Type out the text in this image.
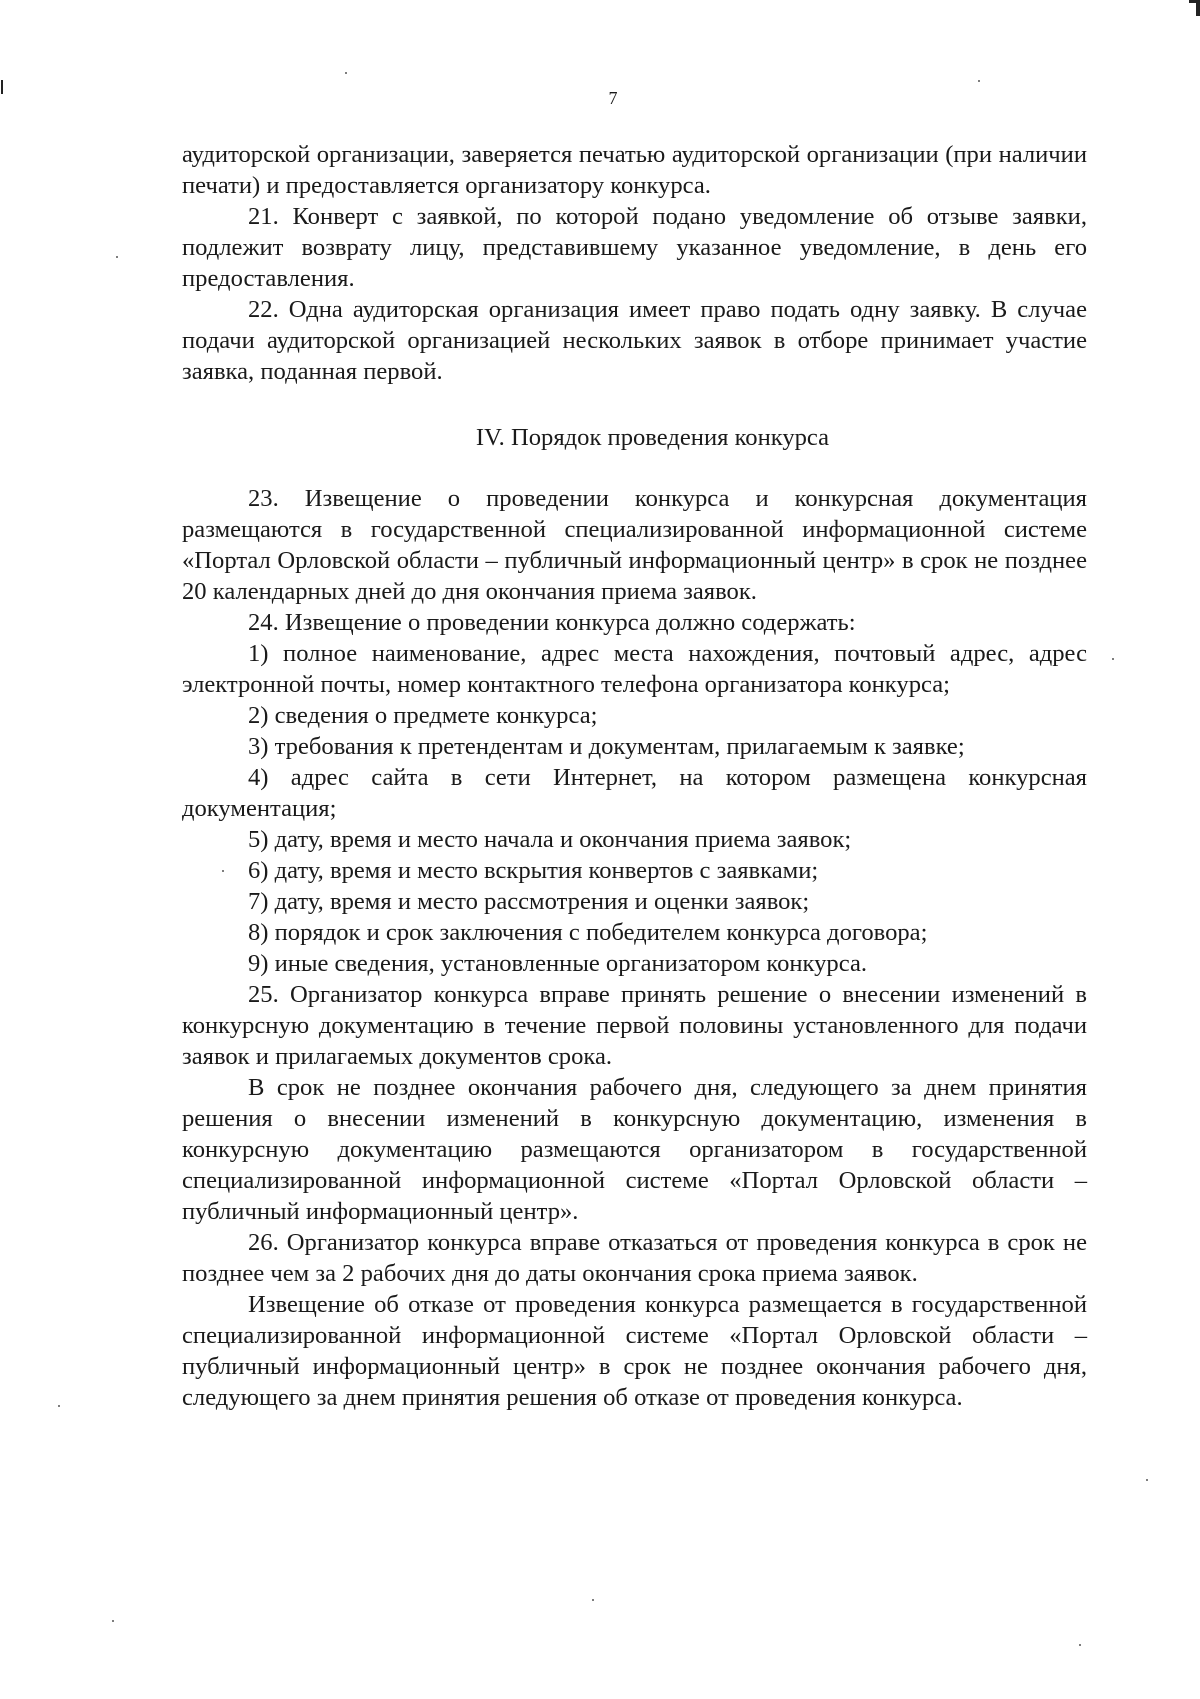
7

аудиторской организации, заверяется печатью аудиторской организации (при наличии печати) и предоставляется организатору конкурса.

21. Конверт с заявкой, по которой подано уведомление об отзыве заявки, подлежит возврату лицу, представившему указанное уведомление, в день его предоставления.

22. Одна аудиторская организация имеет право подать одну заявку. В случае подачи аудиторской организацией нескольких заявок в отборе принимает участие заявка, поданная первой.

IV. Порядок проведения конкурса

23. Извещение о проведении конкурса и конкурсная документация размещаются в государственной специализированной информационной системе «Портал Орловской области – публичный информационный центр» в срок не позднее 20 календарных дней до дня окончания приема заявок.

24. Извещение о проведении конкурса должно содержать:

1) полное наименование, адрес места нахождения, почтовый адрес, адрес электронной почты, номер контактного телефона организатора конкурса;

2) сведения о предмете конкурса;

3) требования к претендентам и документам, прилагаемым к заявке;

4) адрес сайта в сети Интернет, на котором размещена конкурсная документация;

5) дату, время и место начала и окончания приема заявок;

6) дату, время и место вскрытия конвертов с заявками;

7) дату, время и место рассмотрения и оценки заявок;

8) порядок и срок заключения с победителем конкурса договора;

9) иные сведения, установленные организатором конкурса.

25. Организатор конкурса вправе принять решение о внесении изменений в конкурсную документацию в течение первой половины установленного для подачи заявок и прилагаемых документов срока.

В срок не позднее окончания рабочего дня, следующего за днем принятия решения о внесении изменений в конкурсную документацию, изменения в конкурсную документацию размещаются организатором в государственной специализированной информационной системе «Портал Орловской области – публичный информационный центр».

26. Организатор конкурса вправе отказаться от проведения конкурса в срок не позднее чем за 2 рабочих дня до даты окончания срока приема заявок.

Извещение об отказе от проведения конкурса размещается в государственной специализированной информационной системе «Портал Орловской области – публичный информационный центр» в срок не позднее окончания рабочего дня, следующего за днем принятия решения об отказе от проведения конкурса.
